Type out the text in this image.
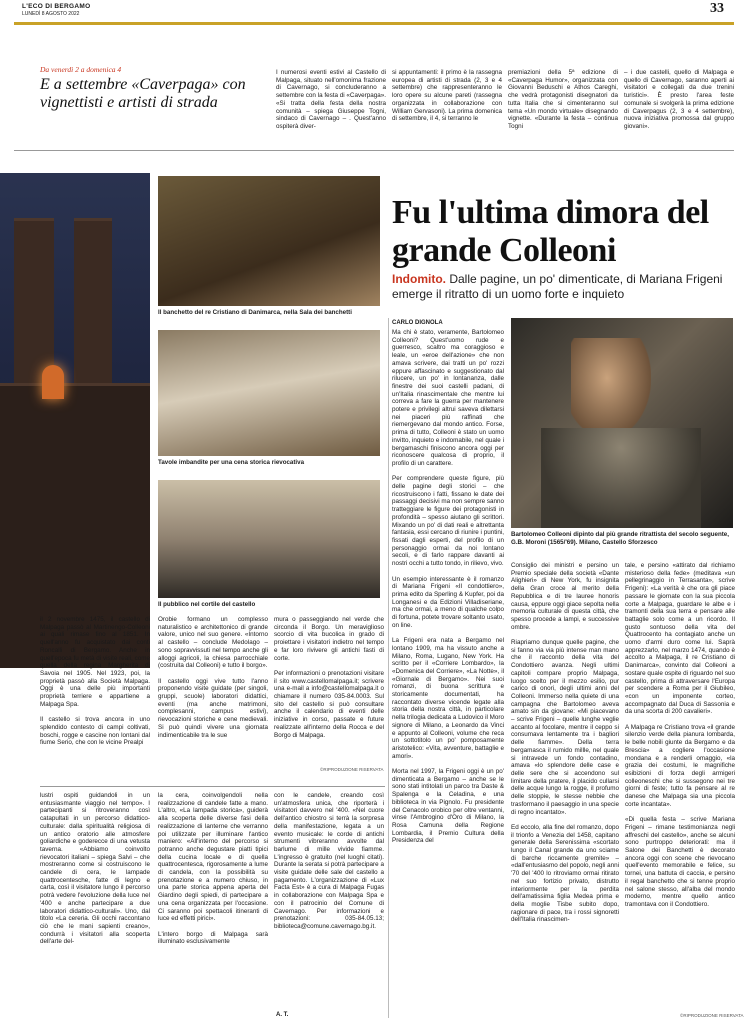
L'ECO DI BERGAMO
LUNEDÌ 8 AGOSTO 2022	33
Da venerdì 2 a domenica 4
E a settembre «Caverpaga» con vignettisti e artisti di strada
I numerosi eventi estivi al Castello di Malpaga, situato nell'omonima frazione di Cavernago, si concluderanno a settembre con la festa di «Caverpaga». «Si tratta della festa della nostra comunità – spiega Giuseppe Togni, sindaco di Cavernago – . Quest'anno ospiterà diver-
si appuntamenti: il primo è la rassegna europea di artisti di strada (2, 3 e 4 settembre) che rappresenteranno le loro opere su alcune pareti (rassegna organizzata in collaborazione con William Gervasoni). La prima domenica di settembre, il 4, si terranno le
premiazioni della 5ª edizione di «Caverpaga Humor», organizzata con Giovanni Beduschi e Athos Careghi, che vedrà protagonisti disegnatori da tutta Italia che si cimenteranno sul tema «Un mondo virtuale» disegnando vignette. «Durante la festa – continua Togni
– i due castelli, quello di Malpaga e quello di Cavernago, saranno aperti ai visitatori e collegati da due trenini turistici». È presto l'area feste comunale si svolgerà la prima edizione di Caverpagus (2, 3 e 4 settembre), nuova iniziativa promossa dal gruppo giovani».
Il banchetto del re Cristiano di Danimarca, nella Sala dei banchetti
Tavole imbandite per una cena storica rievocativa
Il pubblico nel cortile del castello
Fu l'ultima dimora del grande Colleoni
Indomito. Dalle pagine, un po' dimenticate, di Mariana Frigeni emerge il ritratto di un uomo forte e inquieto
CARLO DIGNOLA
Ma chi è stato, veramente, Bartolomeo Colleoni? Quest'uomo rude e guerresco, scaltro ma coraggioso e leale, un «eroe dell'azione» che non amava scrivere, dai tratti un po' rozzi eppure affascinato e suggestionato dal rilucere, un po' in lontananza, dalle finestre dei suoi castelli padani, di un'Italia rinascimentale che mentre lui correva a fare la guerra per mantenere potere e privilegi altrui saveva dilettarsi nei piaceri più raffinati che riemergevano dal mondo antico. Forse, prima di tutto, Colleoni è stato un uomo invitto, inquieto e indomabile, nel quale i bergamaschi finiscono ancora oggi per riconoscere qualcosa di proprio, il profilo di un carattere.

Per comprendere queste figure, più delle pagine degli storici – che ricostruiscono i fatti, fissano le date dei passaggi decisivi ma non sempre sanno tratteggiare le figure dei protagonisti in profondità – spesso aiutano gli scrittori. Mixando un po' di dati reali e altrettanta fantasia, essi cercano di riunire i puntini, fissati dagli esperti, del profilo di un personaggio ormai da noi lontano secoli, e di farlo rappare davanti ai nostri occhi a tutto tondo, in rilievo, vivo.

Un esempio interessante è il romanzo di Mariana Frigeni «Il condottiero», prima edito da Sperling & Kupfer, poi da Longanesi e da Edizioni Villadiseriane, ma che ormai, a meno di qualche colpo di fortuna, potete trovare soltanto usato, on line.

La Frigeni era nata a Bergamo nel lontano 1909, ma ha vissuto anche a Milano, Roma, Lugano, New York. Ha scritto per il «Corriere Lombardo», la «Domenica del Corriere», «La Notte», il «Giornale di Bergamo». Nei suoi romanzi, di buona scrittura e storicamente documentati, ha raccontato diverse vicende legate alla storia della nostra città, in particolare nella trilogia dedicata a Ludovico il Moro signore di Milano, a Leonardo da Vinci e appunto al Colleoni, volume che reca un sottotitolo un po' pomposamente aristotelico: «Vita, avventure, battaglie e amori».

Morta nel 1997, la Frigeni oggi è un po' dimenticata a Bergamo – anche se le sono stati intitolati un parco tra Daste & Spalenga e la Celadina, e una biblioteca in via Pignolo. Fu presidente del Cenacolo orobico per oltre ventanni, vinse l'Ambrogino d'Oro di Milano, la Rosa Camuna della Regione Lombardia, il Premio Cultura della Presidenza del
Consiglio dei ministri e persino un Premio speciale della società «Dante Alighieri» di New York, fu insignita della Gran croce al merito della Repubblica e di tre lauree honoris causa, eppure oggi giace sepolta nella memoria culturale di questa città, che spesso procede a lampi, e successive ombre.

Riapriamo dunque quelle pagine, che si fanno via via più intense man mano che il racconto della vita del Condottiero avanza. Negli ultimi capitoli compare proprio Malpaga, luogo scelto per il mezzo esilio, pur carico di onori, degli ultimi anni del Colleoni. Immerso nella quiete di una campagna che Bartolomeo aveva amato sin da giovane: «Mi piacevano – scrive Frigeni – quelle lunghe veglie accanto al focolare, mentre il ceppo si consumava lentamente tra i bagliori delle fiamme». Della terra bergamasca il rumido millle, nel quale si intravede un fondo contadino, amava «lo splendore delle case e delle sere che si accendono sul limitare della pratere, il placido cullarsi delle acque lungo la rogge, il profumo delle stoppie, le stesse nebbie che trasformano il paesaggio in una specie di regno incantato».

Ed eccolo, alla fine del romanzo, dopo il trionfo a Venezia del 1458, capitano generale della Serenissima «scortato lungo il Canal grande da uno sciame di barche riccamente gremite» – «dall'entusiasmo del popolo, negli anni '70 del '400 lo ritroviamo ormai ritirato nel suo fortizio privato, distrutto interiormente per la perdita dell'amatissima figlia Medea prima e della moglie Tisbe subito dopo, ragionare di pace, tra i rossi signoretti dell'Italia rinascimen-
tale, e persino «attirato dal richiamo misterioso della fede» (meditava «un pellegrinaggio in Terrasanta», scrive Frigeni): «La verità è che ora gli piace passare le giornate con la sua piccola corte a Malpaga, guardare le albe e i tramonti della sua terra e pensare alle battaglie solo come a un ricordo. Il gusto sontuoso della vita del Quattrocento ha contagiato anche un uomo d'armi duro come lui. Saprà apprezzarlo, nel marzo 1474, quando è accolto a Malpaga, il re Cristiano di Danimarca», convinto dal Colleoni a sostare quale ospite di riguardo nel suo castello, prima di attraversare l'Europa per scendere a Roma per il Giubileo, «con un imponente corteo, accompagnato dal Duca di Sassonia e da una scorta di 200 cavalieri».

A Malpaga re Cristiano trova «il grande silenzio verde della pianura lombarda, le belle nobili giunte da Bergamo e da Brescia» a cogliere l'occasione mondana e a renderli omaggio, «la grazia dei costumi, le magnifiche esibizioni di forza degli armigeri colleoneschi che si sussegono nei tre giorni di feste; tutto fa pensare al re danese che Malpaga sia una piccola corte incantata».

«Di quella festa – scrive Mariana Frigeni – rimane testimonianza negli affreschi del castello», anche se alcuni sono purtroppo deteriorati: ma il Salone dei Banchetti è decorato ancora oggi con scene che rievocano quell'evento memorabile e felice, su tornei, una battuta di caccia, e persino il regal banchetto che si tenne proprio nel salone stesso, all'alba del mondo moderno, mentre quello antico tramontava con il Condottiero.
Bartolomeo Colleoni dipinto dal più grande ritrattista del secolo seguente, G.B. Moroni (1565/'69). Milano, Castello Sforzesco
il 2 novembre 1475, il castello di Malpaga passò al Martinengo-Colleoni ai quali rimase fino al 1851. In quell'anno fu acquistato dai conti Roncalli di Bergamo. Anche in quell'epoca fu metà di visite reali, come quella della regina Margherita di Savoia nel 1905. Nel 1923, poi, la proprietà passò alla Società Malpaga. Oggi è una delle più importanti proprietà terriere e appartiene a Malpaga Spa.

Il castello si trova ancora in uno splendido contesto di campi coltivati, boschi, rogge e cascine non lontani dal fiume Serio, che con le vicine Prealpi
Orobie formano un complesso naturalistico e architettonico di grande valore, unico nel suo genere. «Intorno al castello – conclude Medolago – sono sopravvissuti nel tempo anche gli alloggi agricoli, la chiesa parrocchiale (costruita dal Colleoni) e tutto il borgo».

Il castello oggi vive tutto l'anno proponendo visite guidate (per singoli, gruppi, scuole) laboratori didattici, eventi (ma anche matrimoni, complesanni, campus estivi), rievocazioni storiche e cene medievali. Si può quindi vivere una giornata indimenticabile tra le sue
mura o passeggiando nel verde che circonda il Borgo. Un meraviglioso scorcio di vita bucolica in grado di proiettare i visitatori indietro nel tempo e far loro rivivere gli antichi fasti di corte.

Per informazioni o prenotazioni visitare il sito www.castellomalpaga.it; scrivere una e-mail a info@castellomalpaga.it o chiamare il numero 035-84.0003. Sul sito del castello si può consultare anche il calendario di eventi delle iniziative in corso, passate e future realizzate all'interno della Rocca e del Borgo di Malpaga.
©RIPRODUZIONE RISERVATA
lustri ospiti guidandoli in un entusiasmante viaggio nel tempo». I partecipanti si ritroveranno così catapultati in un percorso didattico-culturale: dalla spiritualità religiosa di un antico oratorio alle atmosfere goliardiche e goderecce di una vetusta taverna. «Abbiamo coinvolto rievocatori italiani – spiega Salvi – che mostreranno come si costruiscono le candele di cera, le lampade quattrocentesche, fatte di legno e carta, così il visitatore lungo il percorso potrà vedere l'evoluzione della luce nel '400 e anche partecipare a due laboratori didattico-culturali». Uno, dal titolo «La cereria. Gli occhi raccontano ciò che le mani sapienti creano», condurrà i visitatori alla scoperta dell'arte del-
la cera, coinvolgendoli nella realizzazione di candele fatte a mano. L'altro, «La lampada storica», guiderà alla scoperta delle diverse fasi della realizzazione di lanterne che verranno poi utilizzate per illuminare l'antico maniero: «All'interno del percorso si potranno anche degustare piatti tipici della cucina locale e di quella quattrocentesca, rigorosamente a lume di candela, con la possibilità su prenotazione e a numero chiuso, in una parte storica appena aperta del Giardino degli spiedi, di partecipare a una cena organizzata per l'occasione. Ci saranno poi spettacoli itineranti di luce ed effetti pirici».

L'intero borgo di Malpaga sarà illuminato esclusivamente
con le candele, creando così un'atmosfera unica, che riporterà i visitatori davvero nel '400. «Nel cuore dell'antico chiostro si terrà la sorpresa della manifestazione, legata a un evento musicale: le corde di antichi strumenti vibreranno avvolte dal barlume di mille vivide fiamme. L'ingresso è gratuito (nel luoghi citati). Durante la serata si potrà partecipare a visite guidate delle sale del castello a pagamento. L'organizzazione di «Lux Facta Est» è a cura di Malpaga Fugas in collaborazione con Malpaga Spa e con il patrocinio del Comune di Cavernago. Per informazioni e prenotazioni: 035-84.05.13; biblioteca@comune.cavernago.bg.it.
A. T.	©RIPRODUZIONE RISERVATA
